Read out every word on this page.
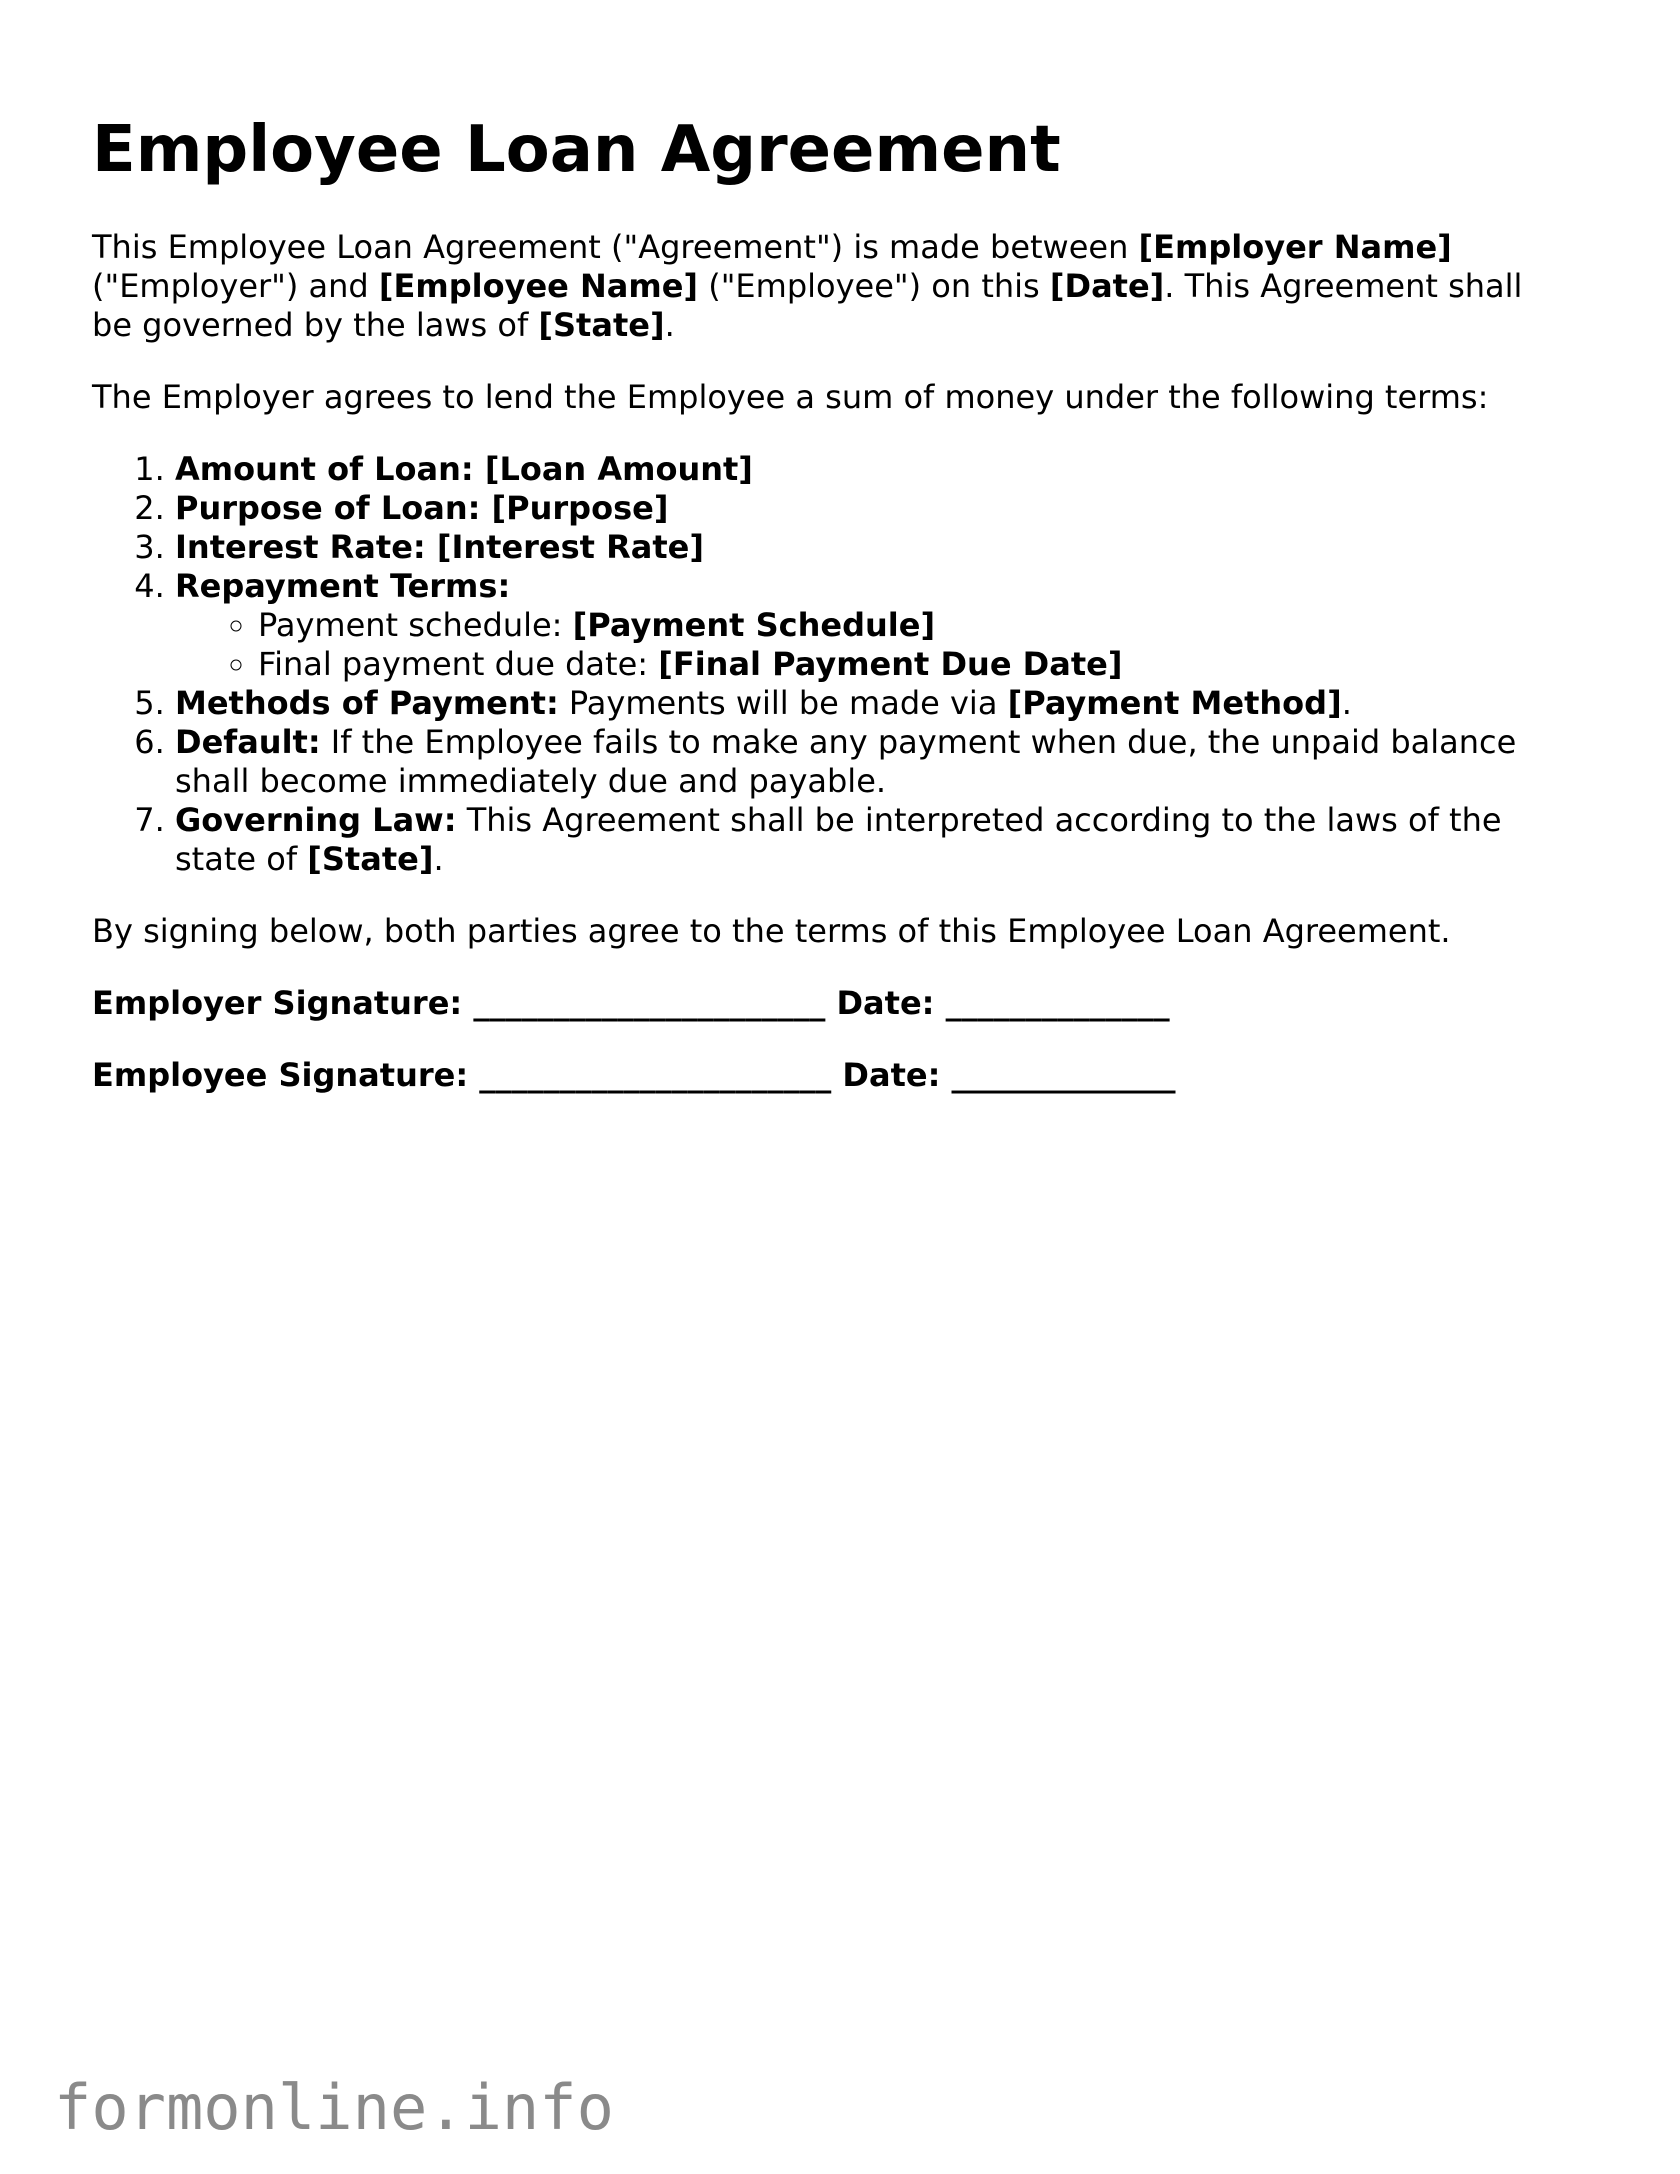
Employee Loan Agreement

This Employee Loan Agreement ("Agreement") is made between [Employer Name] ("Employer") and [Employee Name] ("Employee") on this [Date]. This Agreement shall be governed by the laws of [State].

The Employer agrees to lend the Employee a sum of money under the following terms:

1. Amount of Loan: [Loan Amount]
2. Purpose of Loan: [Purpose]
3. Interest Rate: [Interest Rate]
4. Repayment Terms:
◦ Payment schedule: [Payment Schedule]
◦ Final payment due date: [Final Payment Due Date]
5. Methods of Payment: Payments will be made via [Payment Method].
6. Default: If the Employee fails to make any payment when due, the unpaid balance shall become immediately due and payable.
7. Governing Law: This Agreement shall be interpreted according to the laws of the state of [State].

By signing below, both parties agree to the terms of this Employee Loan Agreement.

Employer Signature: ______________________ Date: ______________

Employee Signature: ______________________ Date: ______________

formonline.info
